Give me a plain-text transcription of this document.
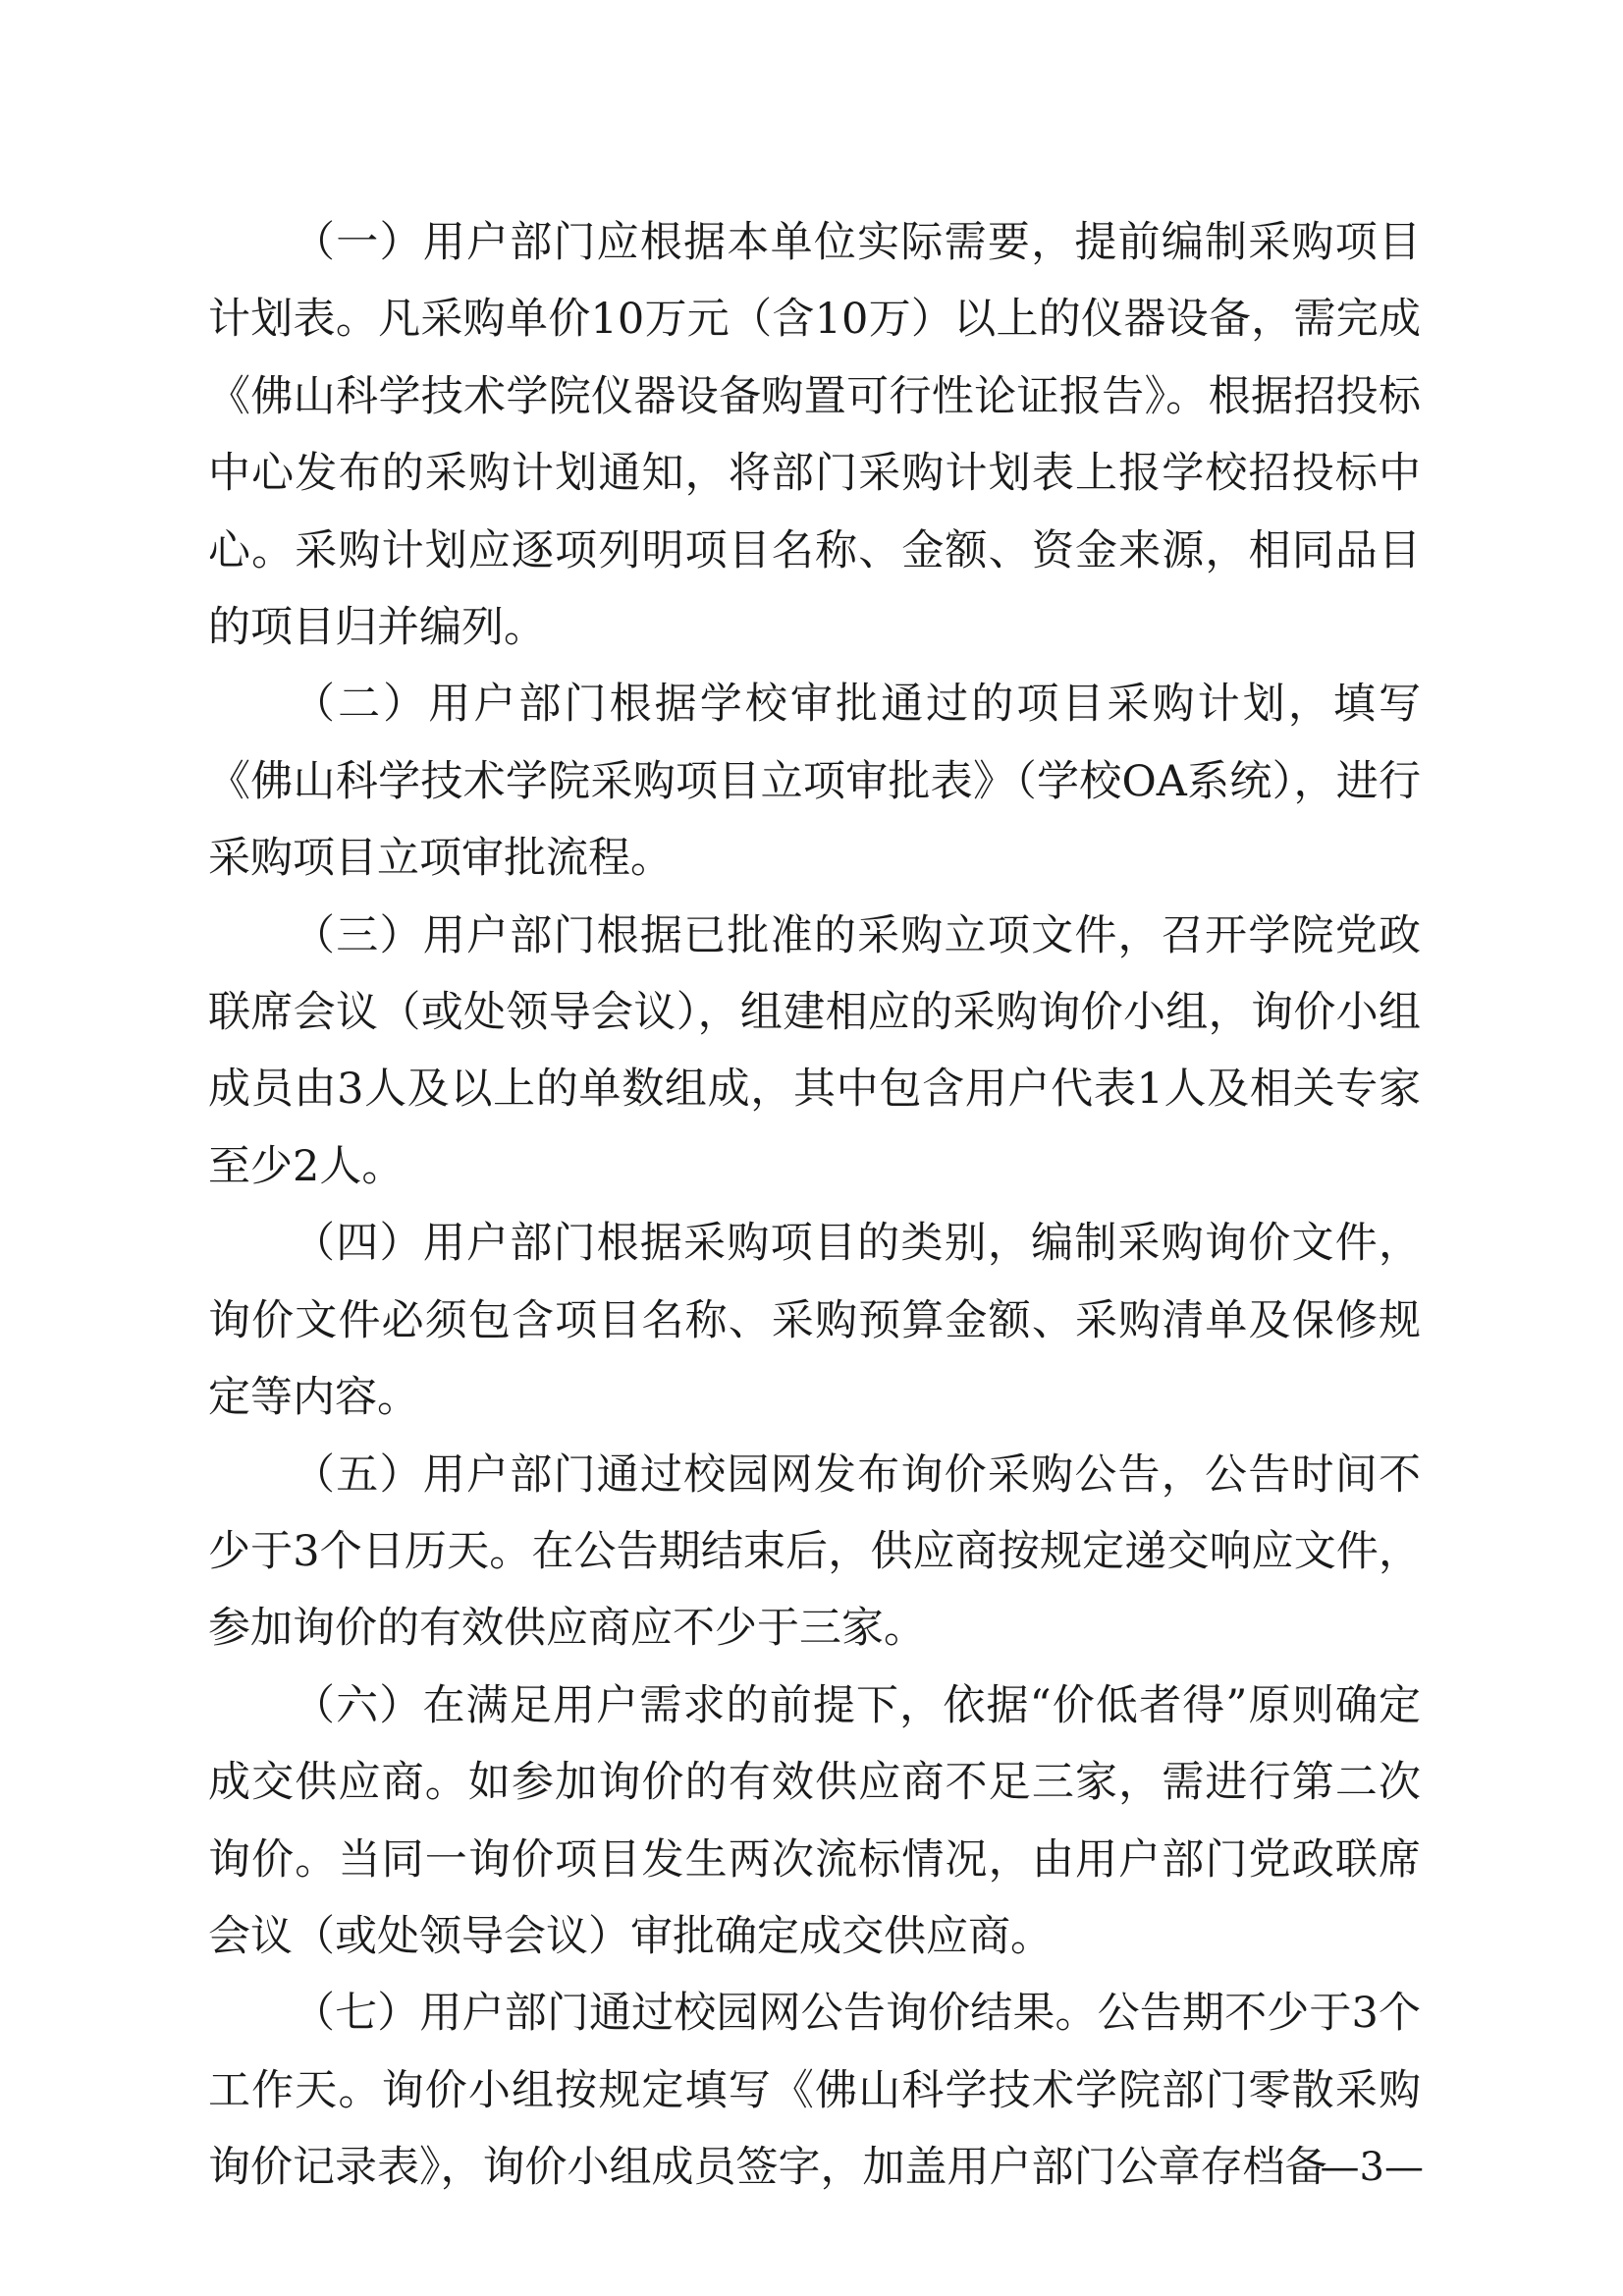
（一）用户部门应根据本单位实际需要，提前编制采购项目计划表。凡采购单价10万元（含10万）以上的仪器设备，需完成《佛山科学技术学院仪器设备购置可行性论证报告》。根据招投标中心发布的采购计划通知，将部门采购计划表上报学校招投标中心。采购计划应逐项列明项目名称、金额、资金来源，相同品目的项目归并编列。

（二）用户部门根据学校审批通过的项目采购计划，填写《佛山科学技术学院采购项目立项审批表》（学校OA系统），进行采购项目立项审批流程。

（三）用户部门根据已批准的采购立项文件，召开学院党政联席会议（或处领导会议），组建相应的采购询价小组，询价小组成员由3人及以上的单数组成，其中包含用户代表1人及相关专家至少2人。

（四）用户部门根据采购项目的类别，编制采购询价文件，询价文件必须包含项目名称、采购预算金额、采购清单及保修规定等内容。

（五）用户部门通过校园网发布询价采购公告，公告时间不少于3个日历天。在公告期结束后，供应商按规定递交响应文件，参加询价的有效供应商应不少于三家。

（六）在满足用户需求的前提下，依据“价低者得”原则确定成交供应商。如参加询价的有效供应商不足三家，需进行第二次询价。当同一询价项目发生两次流标情况，由用户部门党政联席会议（或处领导会议）审批确定成交供应商。

（七）用户部门通过校园网公告询价结果。公告期不少于3个工作天。询价小组按规定填写《佛山科学技术学院部门零散采购询价记录表》，询价小组成员签字，加盖用户部门公章存档备

—3—
